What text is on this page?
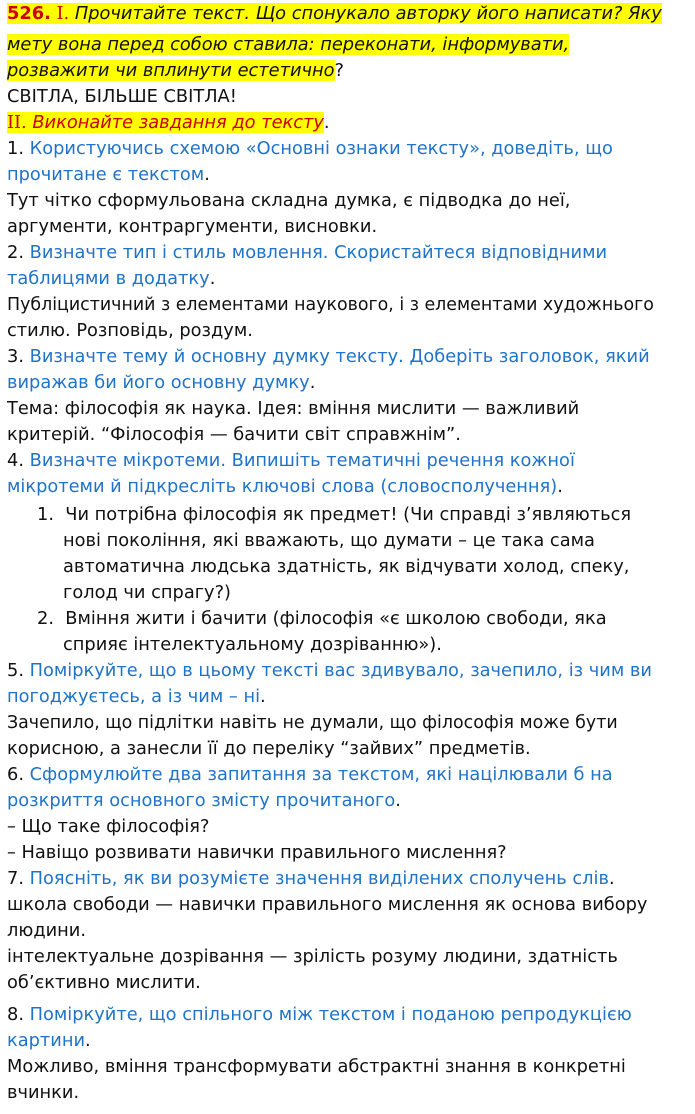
526. I. Прочитайте текст. Що спонукало авторку його написати? Яку

мету вона перед собою ставила: переконати, інформувати,

розважити чи вплинути естетично?

СВІТЛА, БІЛЬШЕ СВІТЛА!

II. Виконайте завдання до тексту.

1. Користуючись схемою «Основні ознаки тексту», доведіть, що

прочитане є текстом.

Тут чітко сформульована складна думка, є підводка до неї,

аргументи, контраргументи, висновки.

2. Визначте тип і стиль мовлення. Скористайтеся відповідними

таблицями в додатку.

Публіцистичний з елементами наукового, і з елементами художнього

стилю. Розповідь, роздум.

3. Визначте тему й основну думку тексту. Доберіть заголовок, який

виражав би його основну думку.

Тема: філософія як наука. Ідея: вміння мислити — важливий

критерій. “Філософія — бачити світ справжнім”.

4. Визначте мікротеми. Випишіть тематичні речення кожної

мікротеми й підкресліть ключові слова (словосполучення).

1. Чи потрібна філософія як предмет! (Чи справді з’являються

нові покоління, які вважають, що думати – це така сама

автоматична людська здатність, як відчувати холод, спеку,

голод чи спрагу?)

2. Вміння жити і бачити (філософія «є школою свободи, яка

сприяє інтелектуальному дозріванню»).

5. Поміркуйте, що в цьому тексті вас здивувало, зачепило, із чим ви

погоджуєтесь, а із чим – ні.

Зачепило, що підлітки навіть не думали, що філософія може бути

корисною, а занесли її до переліку “зайвих” предметів.

6. Сформулюйте два запитання за текстом, які націлювали б на

розкриття основного змісту прочитаного.

– Що таке філософія?

– Навіщо розвивати навички правильного мислення?

7. Поясніть, як ви розумієте значення виділених сполучень слів.

школа свободи — навички правильного мислення як основа вибору

людини.

інтелектуальне дозрівання — зрілість розуму людини, здатність

об’єктивно мислити.

8. Поміркуйте, що спільного між текстом і поданою репродукцією

картини.

Можливо, вміння трансформувати абстрактні знання в конкретні

вчинки.
